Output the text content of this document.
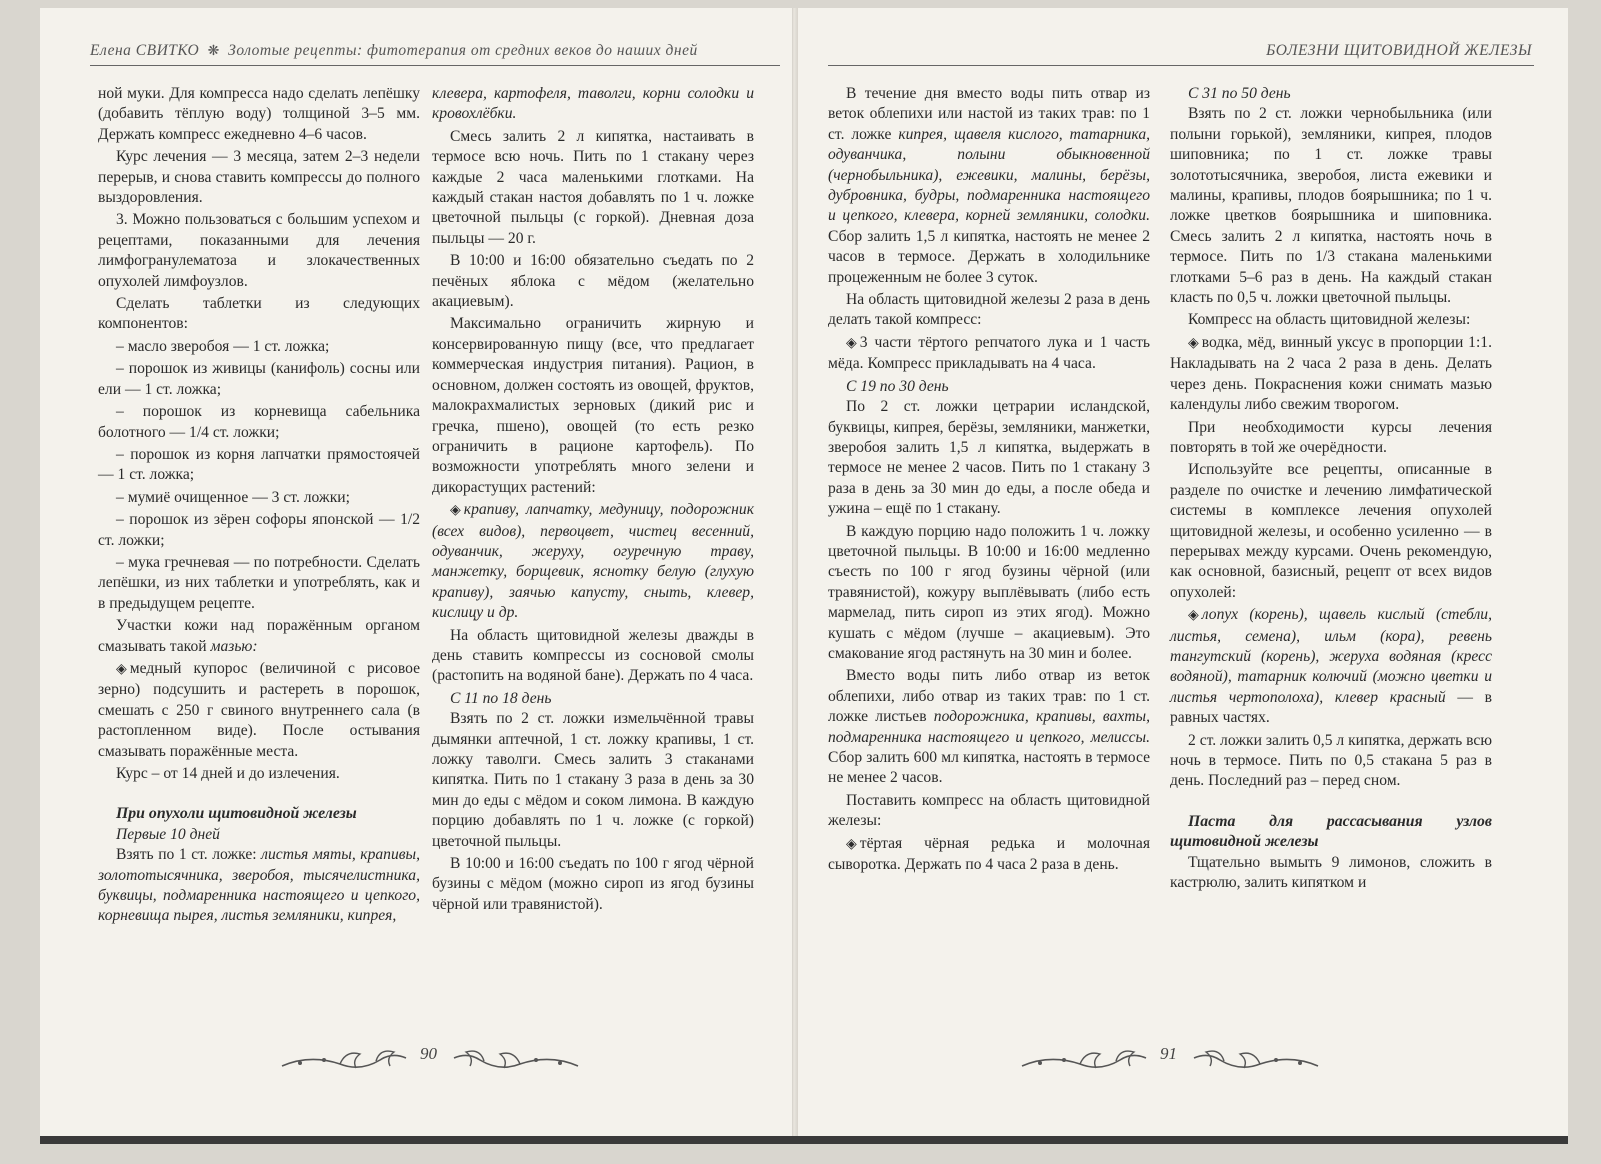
Елена СВИТКО ❋ Золотые рецепты: фитотерапия от средних веков до наших дней

ной муки. Для компресса надо сделать лепёшку (добавить тёплую воду) толщиной 3–5 мм. Держать компресс ежедневно 4–6 часов.

Курс лечения — 3 месяца, затем 2–3 недели перерыв, и снова ставить компрессы до полного выздоровления.

3. Можно пользоваться с большим успехом и рецептами, показанными для лечения лимфогранулематоза и злокачественных опухолей лимфоузлов.

Сделать таблетки из следующих компонентов:

– масло зверобоя — 1 ст. ложка;

– порошок из живицы (канифоль) сосны или ели — 1 ст. ложка;

– порошок из корневища сабельника болотного — 1/4 ст. ложки;

– порошок из корня лапчатки прямостоячей — 1 ст. ложка;

– мумиё очищенное — 3 ст. ложки;

– порошок из зёрен софоры японской — 1/2 ст. ложки;

– мука гречневая — по потребности. Сделать лепёшки, из них таблетки и употреблять, как и в предыдущем рецепте.

Участки кожи над поражённым органом смазывать такой мазью:

◈ медный купорос (величиной с рисовое зерно) подсушить и растереть в порошок, смешать с 250 г свиного внутреннего сала (в растопленном виде). После остывания смазывать поражённые места.

Курс – от 14 дней и до излечения.

При опухоли щитовидной железы
Первые 10 дней

Взять по 1 ст. ложке: листья мяты, крапивы, золототысячника, зверобоя, тысячелистника, буквицы, подмаренника настоящего и цепкого, корневища пырея, листья земляники, кипрея,

клевера, картофеля, таволги, корни солодки и кровохлёбки.

Смесь залить 2 л кипятка, настаивать в термосе всю ночь. Пить по 1 стакану через каждые 2 часа маленькими глотками. На каждый стакан настоя добавлять по 1 ч. ложке цветочной пыльцы (с горкой). Дневная доза пыльцы — 20 г.

В 10:00 и 16:00 обязательно съедать по 2 печёных яблока с мёдом (желательно акациевым).

Максимально ограничить жирную и консервированную пищу (все, что предлагает коммерческая индустрия питания). Рацион, в основном, должен состоять из овощей, фруктов, малокрахмалистых зерновых (дикий рис и гречка, пшено), овощей (то есть резко ограничить в рационе картофель). По возможности употреблять много зелени и дикорастущих растений:

◈ крапиву, лапчатку, медуницу, подорожник (всех видов), первоцвет, чистец весенний, одуванчик, жеруху, огуречную траву, манжетку, борщевик, яснотку белую (глухую крапиву), заячью капусту, сныть, клевер, кислицу и др.

На область щитовидной железы дважды в день ставить компрессы из сосновой смолы (растопить на водяной бане). Держать по 4 часа.

С 11 по 18 день

Взять по 2 ст. ложки измельчённой травы дымянки аптечной, 1 ст. ложку крапивы, 1 ст. ложку таволги. Смесь залить 3 стаканами кипятка. Пить по 1 стакану 3 раза в день за 30 мин до еды с мёдом и соком лимона. В каждую порцию добавлять по 1 ч. ложке (с горкой) цветочной пыльцы.

В 10:00 и 16:00 съедать по 100 г ягод чёрной бузины с мёдом (можно сироп из ягод бузины чёрной или травянистой).

90
БОЛЕЗНИ ЩИТОВИДНОЙ ЖЕЛЕЗЫ

В течение дня вместо воды пить отвар из веток облепихи или настой из таких трав: по 1 ст. ложке кипрея, щавеля кислого, татарника, одуванчика, полыни обыкновенной (чернобыльника), ежевики, малины, берёзы, дубровника, будры, подмаренника настоящего и цепкого, клевера, корней земляники, солодки. Сбор залить 1,5 л кипятка, настоять не менее 2 часов в термосе. Держать в холодильнике процеженным не более 3 суток.

На область щитовидной железы 2 раза в день делать такой компресс:

◈ 3 части тёртого репчатого лука и 1 часть мёда. Компресс прикладывать на 4 часа.

С 19 по 30 день

По 2 ст. ложки цетрарии исландской, буквицы, кипрея, берёзы, земляники, манжетки, зверобоя залить 1,5 л кипятка, выдержать в термосе не менее 2 часов. Пить по 1 стакану 3 раза в день за 30 мин до еды, а после обеда и ужина – ещё по 1 стакану.

В каждую порцию надо положить 1 ч. ложку цветочной пыльцы. В 10:00 и 16:00 медленно съесть по 100 г ягод бузины чёрной (или травянистой), кожуру выплёвывать (либо есть мармелад, пить сироп из этих ягод). Можно кушать с мёдом (лучше – акациевым). Это смакование ягод растянуть на 30 мин и более.

Вместо воды пить либо отвар из веток облепихи, либо отвар из таких трав: по 1 ст. ложке листьев подорожника, крапивы, вахты, подмаренника настоящего и цепкого, мелиссы. Сбор залить 600 мл кипятка, настоять в термосе не менее 2 часов.

Поставить компресс на область щитовидной железы:

◈ тёртая чёрная редька и молочная сыворотка. Держать по 4 часа 2 раза в день.

С 31 по 50 день

Взять по 2 ст. ложки чернобыльника (или полыни горькой), земляники, кипрея, плодов шиповника; по 1 ст. ложке травы золототысячника, зверобоя, листа ежевики и малины, крапивы, плодов боярышника; по 1 ч. ложке цветков боярышника и шиповника. Смесь залить 2 л кипятка, настоять ночь в термосе. Пить по 1/3 стакана маленькими глотками 5–6 раз в день. На каждый стакан класть по 0,5 ч. ложки цветочной пыльцы.

Компресс на область щитовидной железы:

◈ водка, мёд, винный уксус в пропорции 1:1. Накладывать на 2 часа 2 раза в день. Делать через день. Покраснения кожи снимать мазью календулы либо свежим творогом.

При необходимости курсы лечения повторять в той же очерёдности.

Используйте все рецепты, описанные в разделе по очистке и лечению лимфатической системы в комплексе лечения опухолей щитовидной железы, и особенно усиленно — в перерывах между курсами. Очень рекомендую, как основной, базисный, рецепт от всех видов опухолей:

◈ лопух (корень), щавель кислый (стебли, листья, семена), ильм (кора), ревень тангутский (корень), жеруха водяная (кресс водяной), татарник колючий (можно цветки и листья чертополоха), клевер красный — в равных частях.

2 ст. ложки залить 0,5 л кипятка, держать всю ночь в термосе. Пить по 0,5 стакана 5 раз в день. Последний раз – перед сном.

Паста для рассасывания узлов щитовидной железы

Тщательно вымыть 9 лимонов, сложить в кастрюлю, залить кипятком и

91
